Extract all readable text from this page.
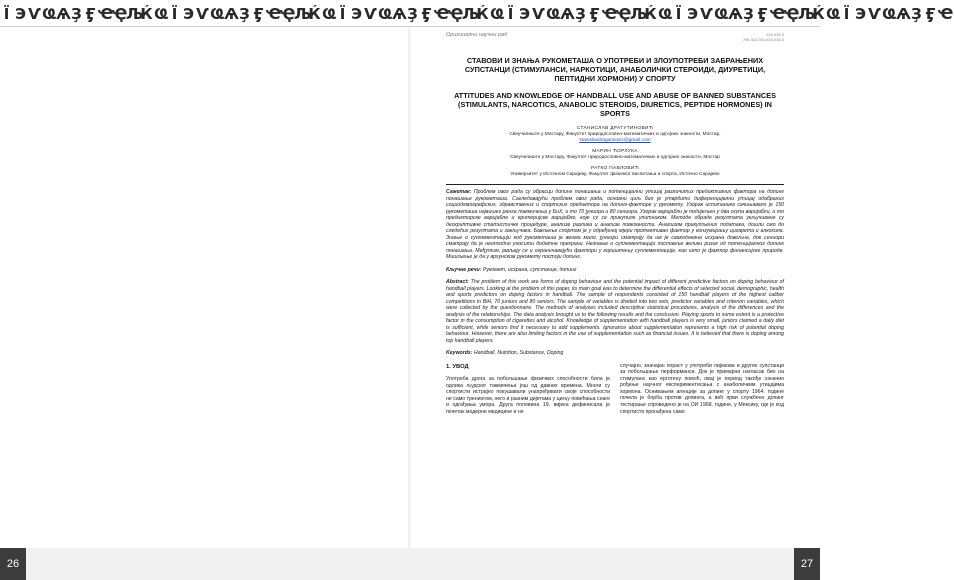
Ї ЭѴҨѦҘ Ӻ ҼҾЉЌҨ Ї ЭѴҨѦҘ Ӻ ҼҾЉЌҨ Ї ЭѴҨѦҘ Ӻ ҼҾЉЌҨ Ї ЭѴҨѦҘ Ӻ ҼҾЉЌҨ Ї ЭѴҨѦҘ Ӻ ҼҾЉЌҨ Ї ЭѴҨѦҘ Ӻ Ҽ
Оригинални научни рад	615.035.3
796.322:351.615.035.3
СТАВОВИ И ЗНАЊА РУКОМЕТАША О УПОТРЕБИ И ЗЛОУПОТРЕБИ ЗАБРАЊЕНИХ СУПСТАНЦИ (СТИМУЛАНСИ, НАРКОТИЦИ, АНАБОЛИЧКИ СТЕРОИДИ, ДИУРЕТИЦИ, ПЕПТИДНИ ХОРМОНИ) У СПОРТУ
ATTITUDES AND KNOWLEDGE OF HANDBALL USE AND ABUSE OF BANNED SUBSTANCES (STIMULANTS, NARCOTICS, ANABOLIC STEROIDS, DIURETICS, PEPTIDE HORMONES) IN SPORTS
СТАНИСЛАВ ДРАГУТИНОВИЋ
Свеучилиште у Мостару, Факултет природословно-математичких и одгојних знаности, Мостар,
stanislavdragutinovic@gmail.com
МАРИН ЋОРЛУКА
Свеучилиште у Мостару, Факултет природословно-математичких и одгојних знаности, Мостар
РАТКО ПАВЛОВИЋ
Универзитет у Источном Сарајеву, Факултет физичког васпитања и спорта, Источно Сарајево
Сажетак: Проблем овог рада су обрасци допинг понашања и потенцијални утицај различитих предиктивних фактора на допинг понашање рукометаша. Сагледавајући проблем овог рада, основни циљ био је утврдити диференцијални утицај одабраних социодемографских, здравствених и спортских предиктора на допинг-факторе у рукомету. Узорак испитаника сачињавало је 150 рукометаша највишег ранга такмичења у БиХ, и то 70 јуниора и 80 сениора. Узорак варијабли је подијељен у два скупа варијабли, и то предикторске варијабле и критеријске варијабле, које су се прикупиле упитником. Методе обраде резултата укључиване су дескриптивне статистичке процедуре, анализе разлика и анализе повезаности. Анализом прикупљених података, дошли смо до следећих резултата и закључака. Бављење спортом је у одређеној мјери протективан фактор у конзумирању цигарета и алкохола. Знање о суплементацији код рукометаша је веома мало, јуниори сматрају да им је свакодневна исхрана довољна, док сениори сматрају да је неопходно уносити додатне прехрани. Незнање о суплементацији поставље велики ризик од потенцијалног допинг понашања. Међутим, јављају се и ограничавајући фактори у кориштењу суплементације, као што је фактор финансијске природе. Мишљење је да у врхунском рукомету постоји допинг.
Кључне речи: Рукомет, исхрана, супстанце, допинг
Abstract: The problem of this work are forms of doping behaviour and the potential impact of different predictive factors on doping behaviour of handball players. Looking at the problem of this paper, its main goal was to determine the differential effects of selected social, demographic, health and sports predictors on doping factors in handball. The sample of respondents consisted of 150 handball players of the highest caliber competitions in BiH, 70 juniors and 80 seniors. The sample of variables is divided into two sets, predictor variables and criterion variables, which were collected by the questionnaire. The methods of analyses included descriptive statistical procedures, analysis of the differences and the analysis of the relationships. The data analysis brought us to the following results and the conclusion. Playing sports to some extent is a protective factor in the consumption of cigarettes and alcohol. Knowledge of supplementation with handball players is very small, juniors claimed a daily diet is sufficient, while seniors find it necessary to add supplements. Ignorance about supplementation represents a high risk of potential doping behaviour. However, there are also limiting factors in the use of supplementation such as financial issues. It is believed that there is doping among top handball players.
Keywords: Handball, Nutrition, Substance, Doping
1. УВОД
Употреба дрога за побољшање физичких способности била је одлика људског такмичења још од давних времена. Многи су спортисти истрајно покушавали унапређивати своје способности не само тренингом, него и разним дијетама у циљу повећања снаге и одгађања умора. Друга половина 19. вијека дефинисала је почетак модерне медицине и не
случајно, значајан пораст у употреби лијекова и других супстанци за побољшање перформанси. Док је примарни нагласак био на стимуланс као ерготену помоћ, овај је период такође означио рођење научног експериментисања с анаболичким утицајима хормона. Оснивањем агенције за допинг у спорту 1964. године почела је борба против допинга, а већ први службено допинг тестирање спроведено је на ОИ 1968. године, у Мексику, где је код спортиста пронађена само
26	27
